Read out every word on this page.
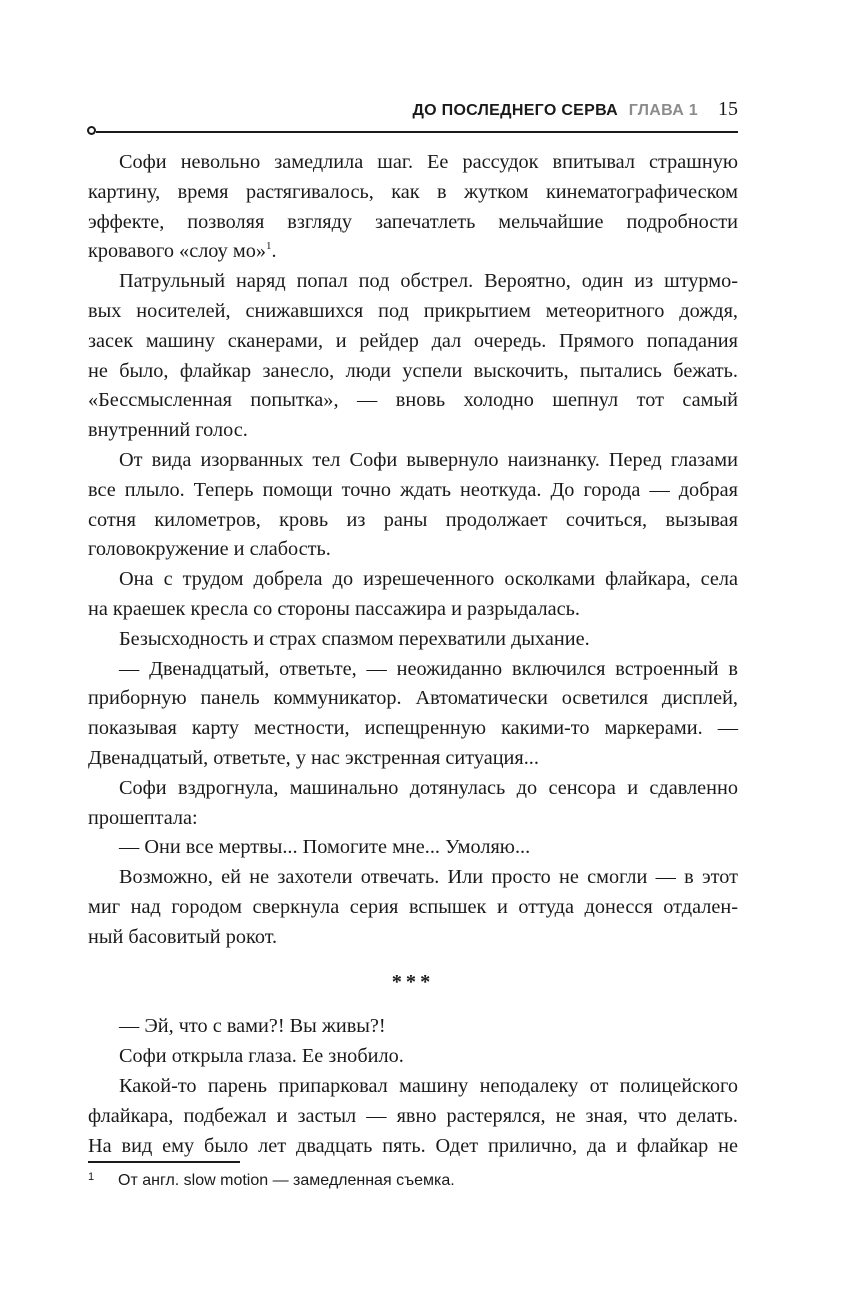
ДО ПОСЛЕДНЕГО СЕРВА ГЛАВА 1 15
Софи невольно замедлила шаг. Ее рассудок впитывал страшную
картину, время растягивалось, как в жутком кинематографическом
эффекте, позволяя взгляду запечатлеть мельчайшие подробности
кровавого «слоу мо»$^1$.
Патрульный наряд попал под обстрел. Вероятно, один из штурмо-
вых носителей, снижавшихся под прикрытием метеоритного дождя,
засек машину сканерами, и рейдер дал очередь. Прямого попадания
не было, флайкар занесло, люди успели выскочить, пытались бежать.
«Бессмысленная попытка», — вновь холодно шепнул тот самый
внутренний голос.
От вида изорванных тел Софи вывернуло наизнанку. Перед глазами
все плыло. Теперь помощи точно ждать неоткуда. До города — добрая
сотня километров, кровь из раны продолжает сочиться, вызывая
головокружение и слабость.
Она с трудом добрела до изрешеченного осколками флайкара, села
на краешек кресла со стороны пассажира и разрыдалась.
Безысходность и страх спазмом перехватили дыхание.
— Двенадцатый, ответьте, — неожиданно включился встроенный в
приборную панель коммуникатор. Автоматически осветился дисплей,
показывая карту местности, испещренную какими-то маркерами. —
Двенадцатый, ответьте, у нас экстренная ситуация...
Софи вздрогнула, машинально дотянулась до сенсора и сдавленно
прошептала:
— Они все мертвы... Помогите мне... Умоляю...
Возможно, ей не захотели отвечать. Или просто не смогли — в этот
миг над городом сверкнула серия вспышек и оттуда донесся отдален-
ный басовитый рокот.
***
— Эй, что с вами?! Вы живы?!
Софи открыла глаза. Ее знобило.
Какой-то парень припарковал машину неподалеку от полицейского
флайкара, подбежал и застыл — явно растерялся, не зная, что делать.
На вид ему было лет двадцать пять. Одет прилично, да и флайкар не
1 От англ. slow motion — замедленная съемка.
